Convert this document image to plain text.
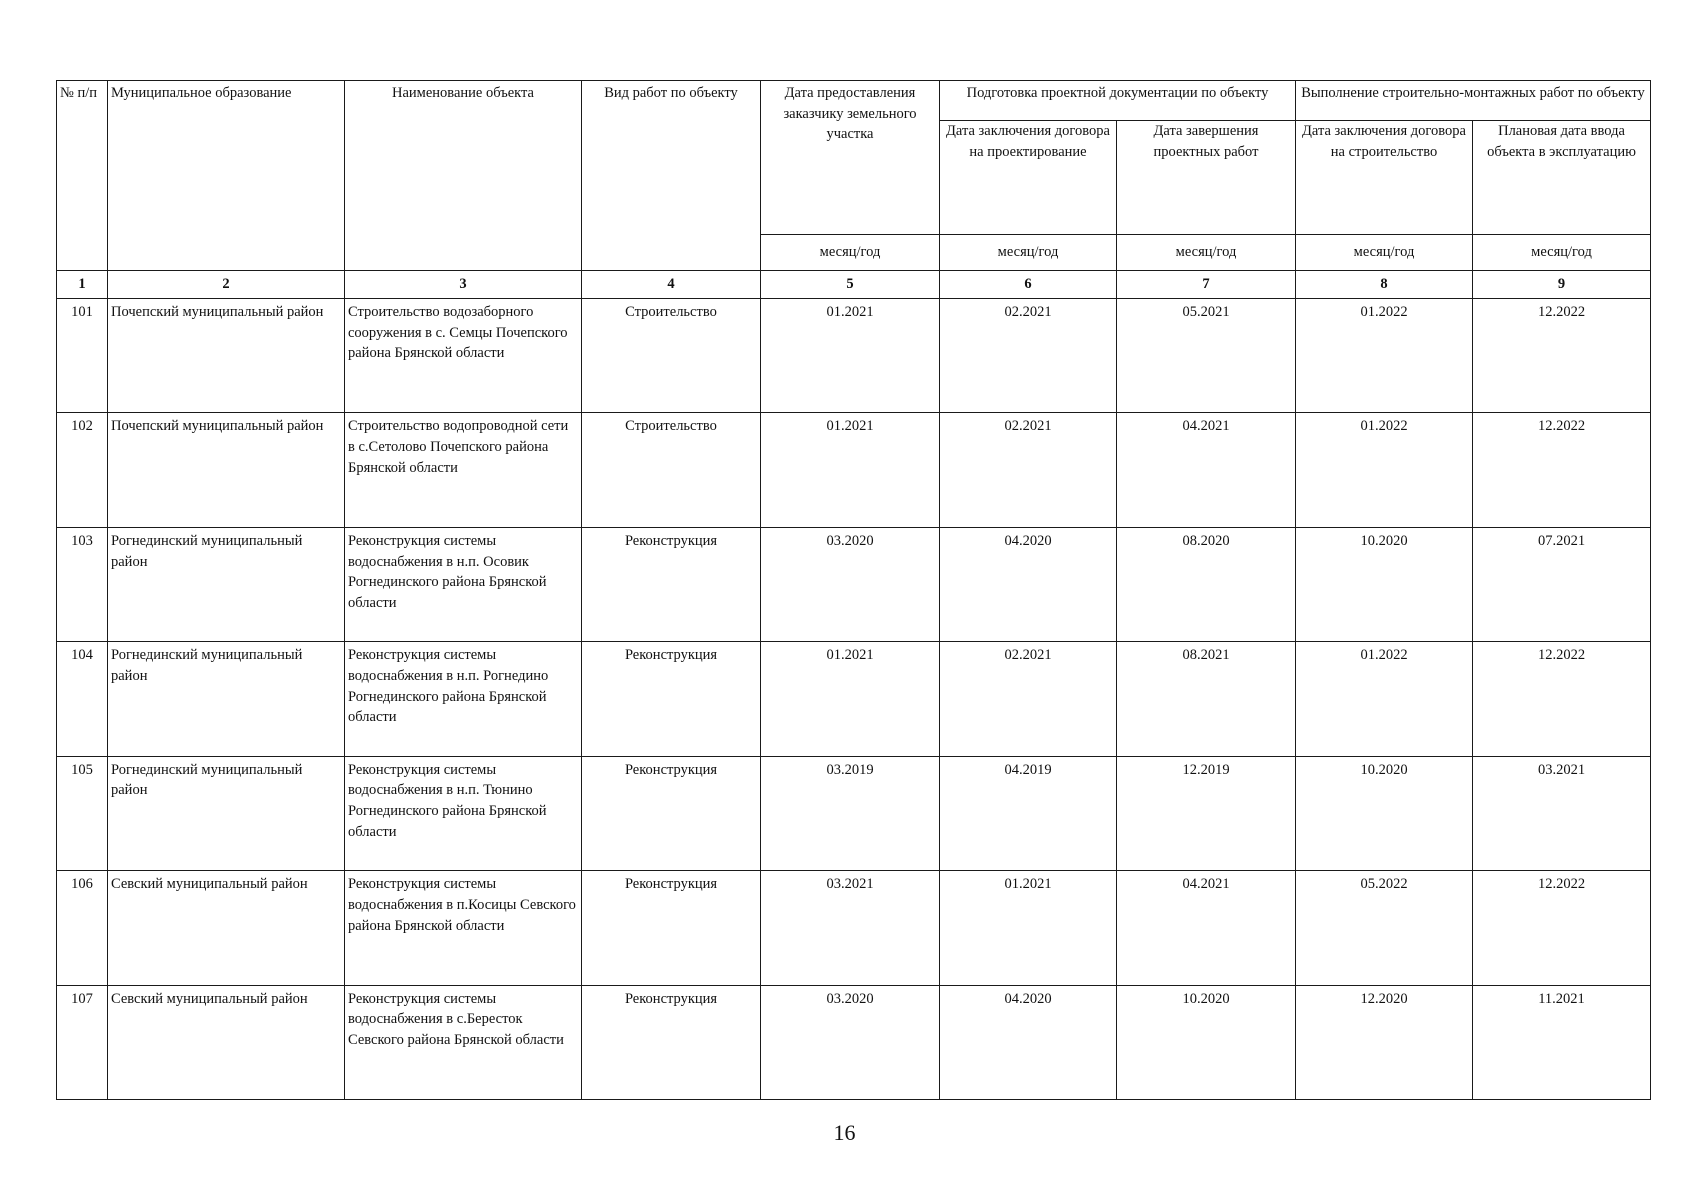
№ п/п	Муниципальное образование	Наименование объекта	Вид работ по объекту	Дата предоставления заказчику земельного участка	Подготовка проектной документации по объекту		Выполнение строительно-монтажных работ по объекту	
					Дата заключения договора на проектирование	Дата завершения проектных работ	Дата заключения договора на строительство	Плановая дата ввода объекта в эксплуатацию
				месяц/год	месяц/год	месяц/год	месяц/год	месяц/год
1	2	3	4	5	6	7	8	9
101	Почепский муниципальный район	Строительство водозаборного сооружения в с. Семцы Почепского района Брянской области	Строительство	01.2021	02.2021	05.2021	01.2022	12.2022
102	Почепский муниципальный район	Строительство водопроводной сети в с.Сетолово Почепского района Брянской области	Строительство	01.2021	02.2021	04.2021	01.2022	12.2022
103	Рогнединский муниципальный район	Реконструкция системы водоснабжения в н.п. Осовик Рогнединского района Брянской области	Реконструкция	03.2020	04.2020	08.2020	10.2020	07.2021
104	Рогнединский муниципальный район	Реконструкция системы водоснабжения в н.п. Рогнедино Рогнединского района Брянской области	Реконструкция	01.2021	02.2021	08.2021	01.2022	12.2022
105	Рогнединский муниципальный район	Реконструкция системы водоснабжения в н.п. Тюнино Рогнединского района Брянской области	Реконструкция	03.2019	04.2019	12.2019	10.2020	03.2021
106	Севский муниципальный район	Реконструкция системы водоснабжения в п.Косицы Севского района Брянской области	Реконструкция	03.2021	01.2021	04.2021	05.2022	12.2022
107	Севский муниципальный район	Реконструкция системы водоснабжения в с.Бересток Севского района Брянской области	Реконструкция	03.2020	04.2020	10.2020	12.2020	11.2021
16
